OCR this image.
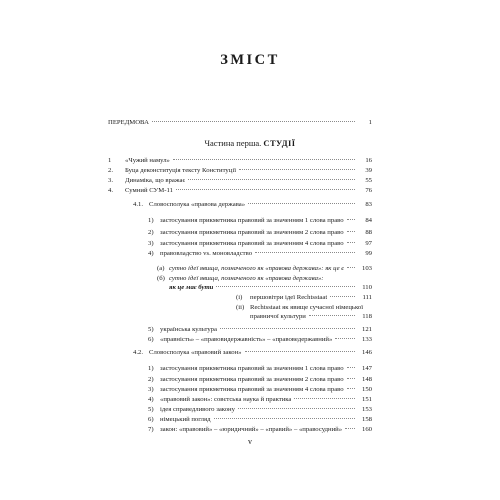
ЗМІСТ
ПЕРЕДМОВА	1
Частина перша. СТУДІЇ
1	«Чужий намул»	16
2.	Буца деконституція тексту Конституції	39
3.	Динаміка, що вражає	55
4.	Сумний СУМ-11	76
4.1. Словосполука «правова держава»	83
1) застосування прикметника правовий за значенням 1 слова право	84
2) застосування прикметника правовий за значенням 2 слова право	88
3) застосування прикметника правовий за значенням 4 слова право	97
4) правовладство vs. моновладство	99
(a) сутно ідеї явища, позначеного як «правова держава»: як це є	103
(б) сутно ідеї явища, позначеного як «правова держава»:
як це має бути	110
(і)	першовітри ідеї Rechtsstaat	111
(ii) Rechtsstaat як явище сучасної німецької
правничої культури	118
5) українська культура	121
6) «правність» – «правовидержавність» – «правоведержавний»	133
4.2. Словосполука «правовий закон»	146
1) застосування прикметника правовий за значенням 1 слова право	147
2) застосування прикметника правовий за значенням 2 слова право	148
3) застосування прикметника правовий за значенням 4 слова право	150
4) «правовий закон»: совєтська наука й практика	151
5) ідея справедливого закону	153
6) німецький погляд	158
7) закон: «правовий» – «юридичний» – «правий» – «правосудний»	160
v
